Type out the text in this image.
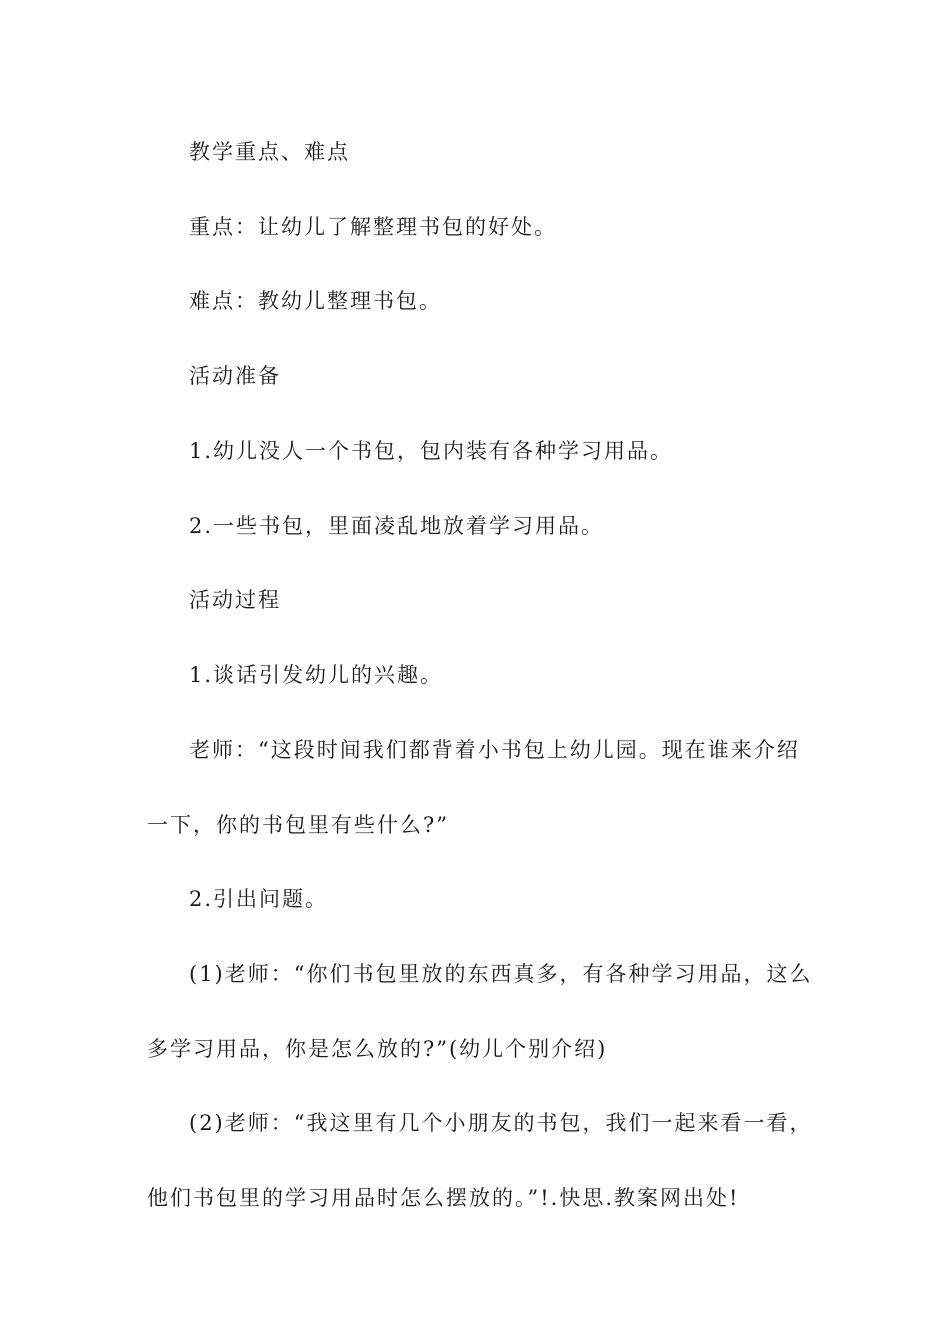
教学重点、难点
重点：让幼儿了解整理书包的好处。
难点：教幼儿整理书包。
活动准备
1.幼儿没人一个书包，包内装有各种学习用品。
2.一些书包，里面凌乱地放着学习用品。
活动过程
1.谈话引发幼儿的兴趣。
老师：“这段时间我们都背着小书包上幼儿园。现在谁来介绍
一下，你的书包里有些什么?”
2.引出问题。
(1)老师：“你们书包里放的东西真多，有各种学习用品，这么
多学习用品，你是怎么放的?”(幼儿个别介绍)
(2)老师：“我这里有几个小朋友的书包，我们一起来看一看，
他们书包里的学习用品时怎么摆放的。”!.快思.教案网出处!
